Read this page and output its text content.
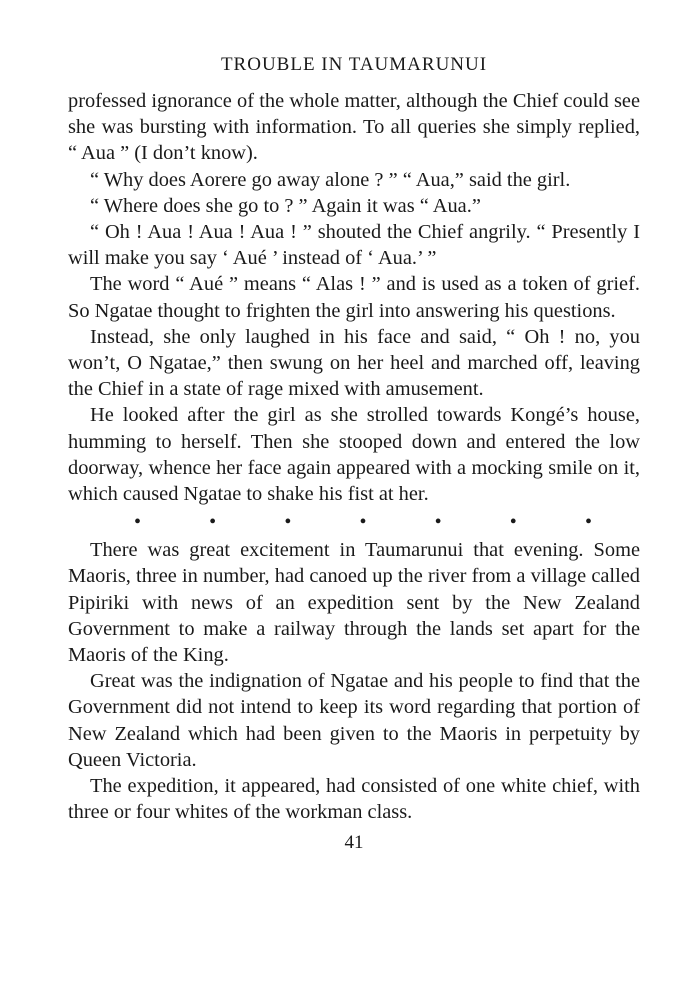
TROUBLE IN TAUMARUNUI

professed ignorance of the whole matter, although the Chief could see she was bursting with information. To all queries she simply replied, “ Aua ” (I don’t know).

“ Why does Aorere go away alone ? ” “ Aua,” said the girl.

“ Where does she go to ? ” Again it was “ Aua.”

“ Oh ! Aua ! Aua ! Aua ! ” shouted the Chief angrily. “ Presently I will make you say ‘ Aué ’ instead of ‘ Aua.’ ”

The word “ Aué ” means “ Alas ! ” and is used as a token of grief. So Ngatae thought to frighten the girl into answering his questions.

Instead, she only laughed in his face and said, “ Oh ! no, you won’t, O Ngatae,” then swung on her heel and marched off, leaving the Chief in a state of rage mixed with amusement.

He looked after the girl as she strolled towards Kongé’s house, humming to herself. Then she stooped down and entered the low doorway, whence her face again appeared with a mocking smile on it, which caused Ngatae to shake his fist at her.

•	•	•	•	•	•	•

There was great excitement in Taumarunui that evening. Some Maoris, three in number, had canoed up the river from a village called Pipiriki with news of an expedition sent by the New Zealand Government to make a railway through the lands set apart for the Maoris of the King.

Great was the indignation of Ngatae and his people to find that the Government did not intend to keep its word regarding that portion of New Zealand which had been given to the Maoris in perpetuity by Queen Victoria.

The expedition, it appeared, had consisted of one white chief, with three or four whites of the workman class.

41
